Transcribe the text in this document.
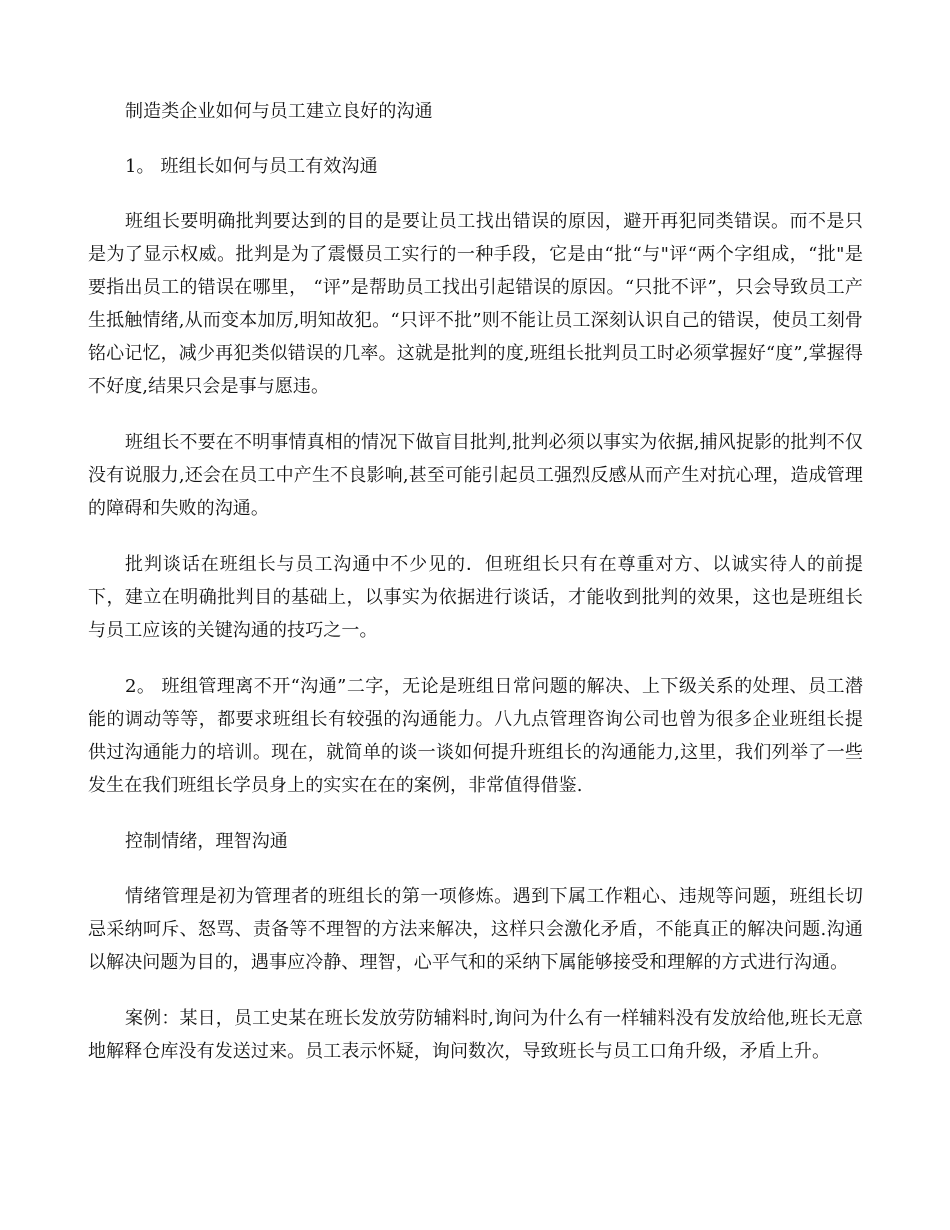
制造类企业如何与员工建立良好的沟通

1。 班组长如何与员工有效沟通

班组长要明确批判要达到的目的是要让员工找出错误的原因，避开再犯同类错误。而不是只是为了显示权威。批判是为了震慑员工实行的一种手段，它是由“批“与"评“两个字组成，“批"是要指出员工的错误在哪里， “评”是帮助员工找出引起错误的原因。“只批不评”，只会导致员工产生抵触情绪,从而变本加厉,明知故犯。“只评不批”则不能让员工深刻认识自己的错误，使员工刻骨铭心记忆，减少再犯类似错误的几率。这就是批判的度,班组长批判员工时必须掌握好“度”,掌握得不好度,结果只会是事与愿违。

班组长不要在不明事情真相的情况下做盲目批判,批判必须以事实为依据,捕风捉影的批判不仅没有说服力,还会在员工中产生不良影响,甚至可能引起员工强烈反感从而产生对抗心理，造成管理的障碍和失败的沟通。

批判谈话在班组长与员工沟通中不少见的．但班组长只有在尊重对方、以诚实待人的前提下，建立在明确批判目的基础上，以事实为依据进行谈话，才能收到批判的效果，这也是班组长与员工应该的关键沟通的技巧之一。

2。 班组管理离不开“沟通”二字，无论是班组日常问题的解决、上下级关系的处理、员工潜能的调动等等，都要求班组长有较强的沟通能力。八九点管理咨询公司也曾为很多企业班组长提供过沟通能力的培训。现在，就简单的谈一谈如何提升班组长的沟通能力,这里，我们列举了一些发生在我们班组长学员身上的实实在在的案例，非常值得借鉴.

控制情绪，理智沟通

情绪管理是初为管理者的班组长的第一项修炼。遇到下属工作粗心、违规等问题，班组长切忌采纳呵斥、怒骂、责备等不理智的方法来解决，这样只会激化矛盾，不能真正的解决问题.沟通以解决问题为目的，遇事应冷静、理智，心平气和的采纳下属能够接受和理解的方式进行沟通。

案例：某日，员工史某在班长发放劳防辅料时,询问为什么有一样辅料没有发放给他,班长无意地解释仓库没有发送过来。员工表示怀疑，询问数次，导致班长与员工口角升级，矛盾上升。
